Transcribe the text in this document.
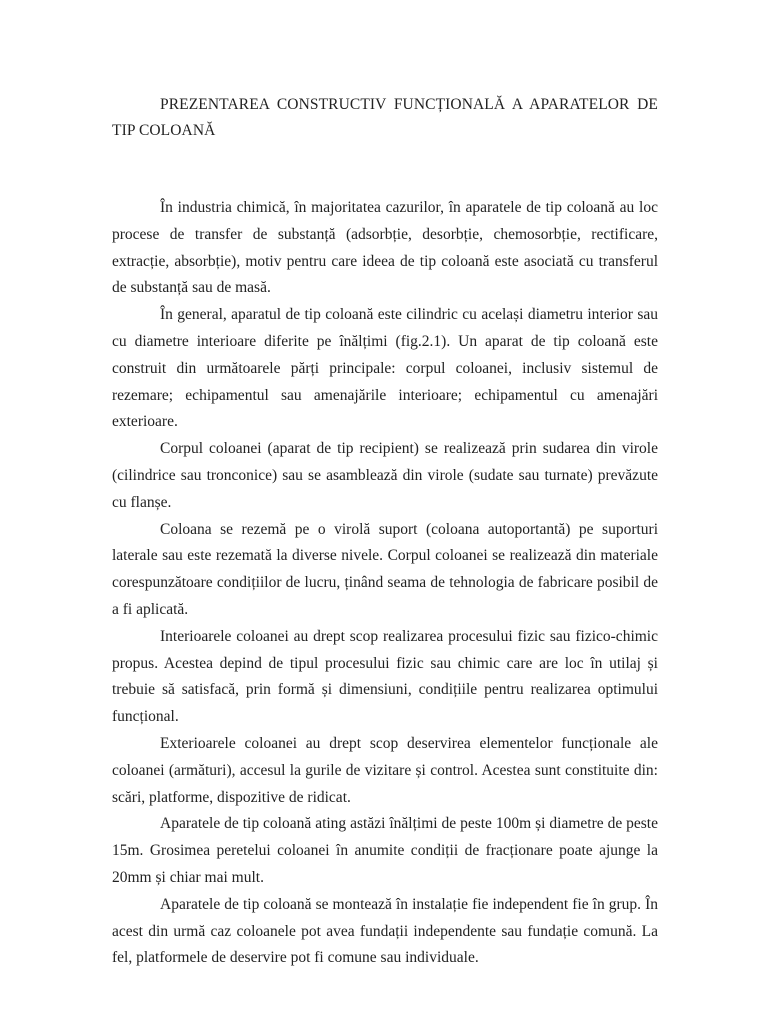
PREZENTAREA CONSTRUCTIV FUNCȚIONALĂ A APARATELOR DE TIP COLOANĂ

În industria chimică, în majoritatea cazurilor, în aparatele de tip coloană au loc procese de transfer de substanță (adsorbție, desorbție, chemosorbție, rectificare, extracție, absorbție), motiv pentru care ideea de tip coloană este asociată cu transferul de substanță sau de masă.

În general, aparatul de tip coloană este cilindric cu același diametru interior sau cu diametre interioare diferite pe înălțimi (fig.2.1). Un aparat de tip coloană este construit din următoarele părți principale: corpul coloanei, inclusiv sistemul de rezemare; echipamentul sau amenajările interioare; echipamentul cu amenajări exterioare.

Corpul coloanei (aparat de tip recipient) se realizează prin sudarea din virole (cilindrice sau tronconice) sau se asamblează din virole (sudate sau turnate) prevăzute cu flanșe.

Coloana se rezemă pe o virolă suport (coloana autoportantă) pe suporturi laterale sau este rezemată la diverse nivele. Corpul coloanei se realizează din materiale corespunzătoare condițiilor de lucru, ținând seama de tehnologia de fabricare posibil de a fi aplicată.

Interioarele coloanei au drept scop realizarea procesului fizic sau fizico-chimic propus. Acestea depind de tipul procesului fizic sau chimic care are loc în utilaj și trebuie să satisfacă, prin formă și dimensiuni, condițiile pentru realizarea optimului funcțional.

Exterioarele coloanei au drept scop deservirea elementelor funcționale ale coloanei (armături), accesul la gurile de vizitare și control. Acestea sunt constituite din: scări, platforme, dispozitive de ridicat.

Aparatele de tip coloană ating astăzi înălțimi de peste 100m și diametre de peste 15m. Grosimea peretelui coloanei în anumite condiții de fracționare poate ajunge la 20mm și chiar mai mult.

Aparatele de tip coloană se montează în instalație fie independent fie în grup. În acest din urmă caz coloanele pot avea fundații independente sau fundație comună. La fel, platformele de deservire pot fi comune sau individuale.
